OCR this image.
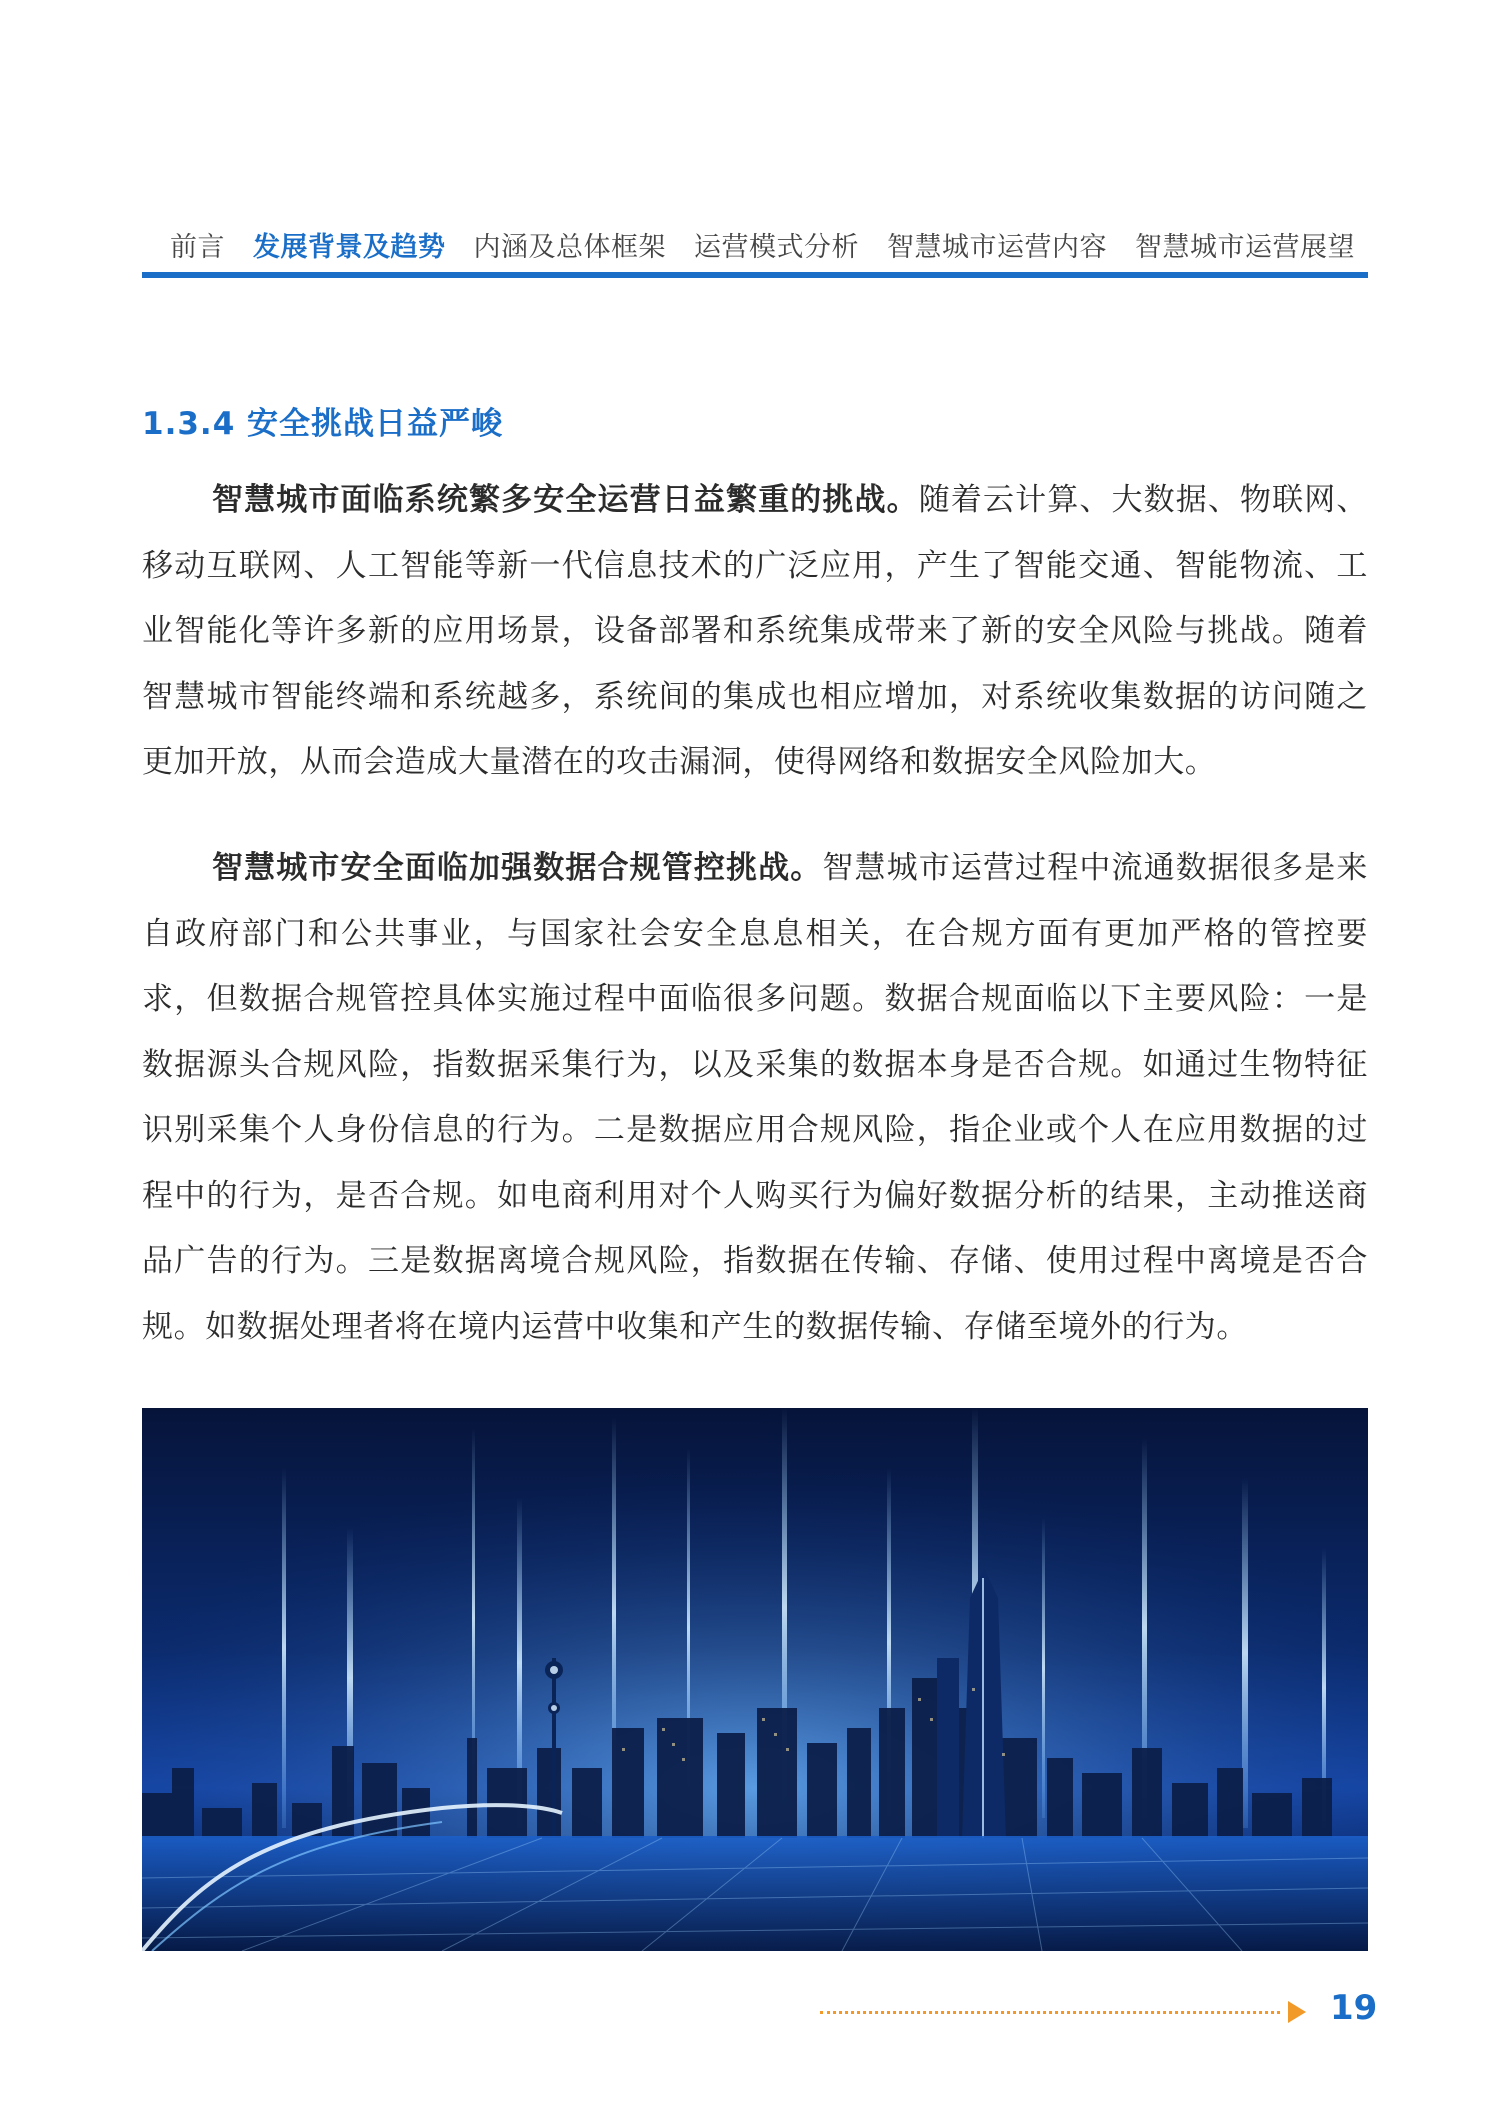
前言 发展背景及趋势 内涵及总体框架 运营模式分析 智慧城市运营内容 智慧城市运营展望
1.3.4 安全挑战日益严峻
智慧城市面临系统繁多安全运营日益繁重的挑战。随着云计算、大数据、物联网、移动互联网、人工智能等新一代信息技术的广泛应用，产生了智能交通、智能物流、工业智能化等许多新的应用场景，设备部署和系统集成带来了新的安全风险与挑战。随着智慧城市智能终端和系统越多，系统间的集成也相应增加，对系统收集数据的访问随之更加开放，从而会造成大量潜在的攻击漏洞，使得网络和数据安全风险加大。
智慧城市安全面临加强数据合规管控挑战。智慧城市运营过程中流通数据很多是来自政府部门和公共事业，与国家社会安全息息相关，在合规方面有更加严格的管控要求，但数据合规管控具体实施过程中面临很多问题。数据合规面临以下主要风险：一是数据源头合规风险，指数据采集行为，以及采集的数据本身是否合规。如通过生物特征识别采集个人身份信息的行为。二是数据应用合规风险，指企业或个人在应用数据的过程中的行为，是否合规。如电商利用对个人购买行为偏好数据分析的结果，主动推送商品广告的行为。三是数据离境合规风险，指数据在传输、存储、使用过程中离境是否合规。如数据处理者将在境内运营中收集和产生的数据传输、存储至境外的行为。
19
